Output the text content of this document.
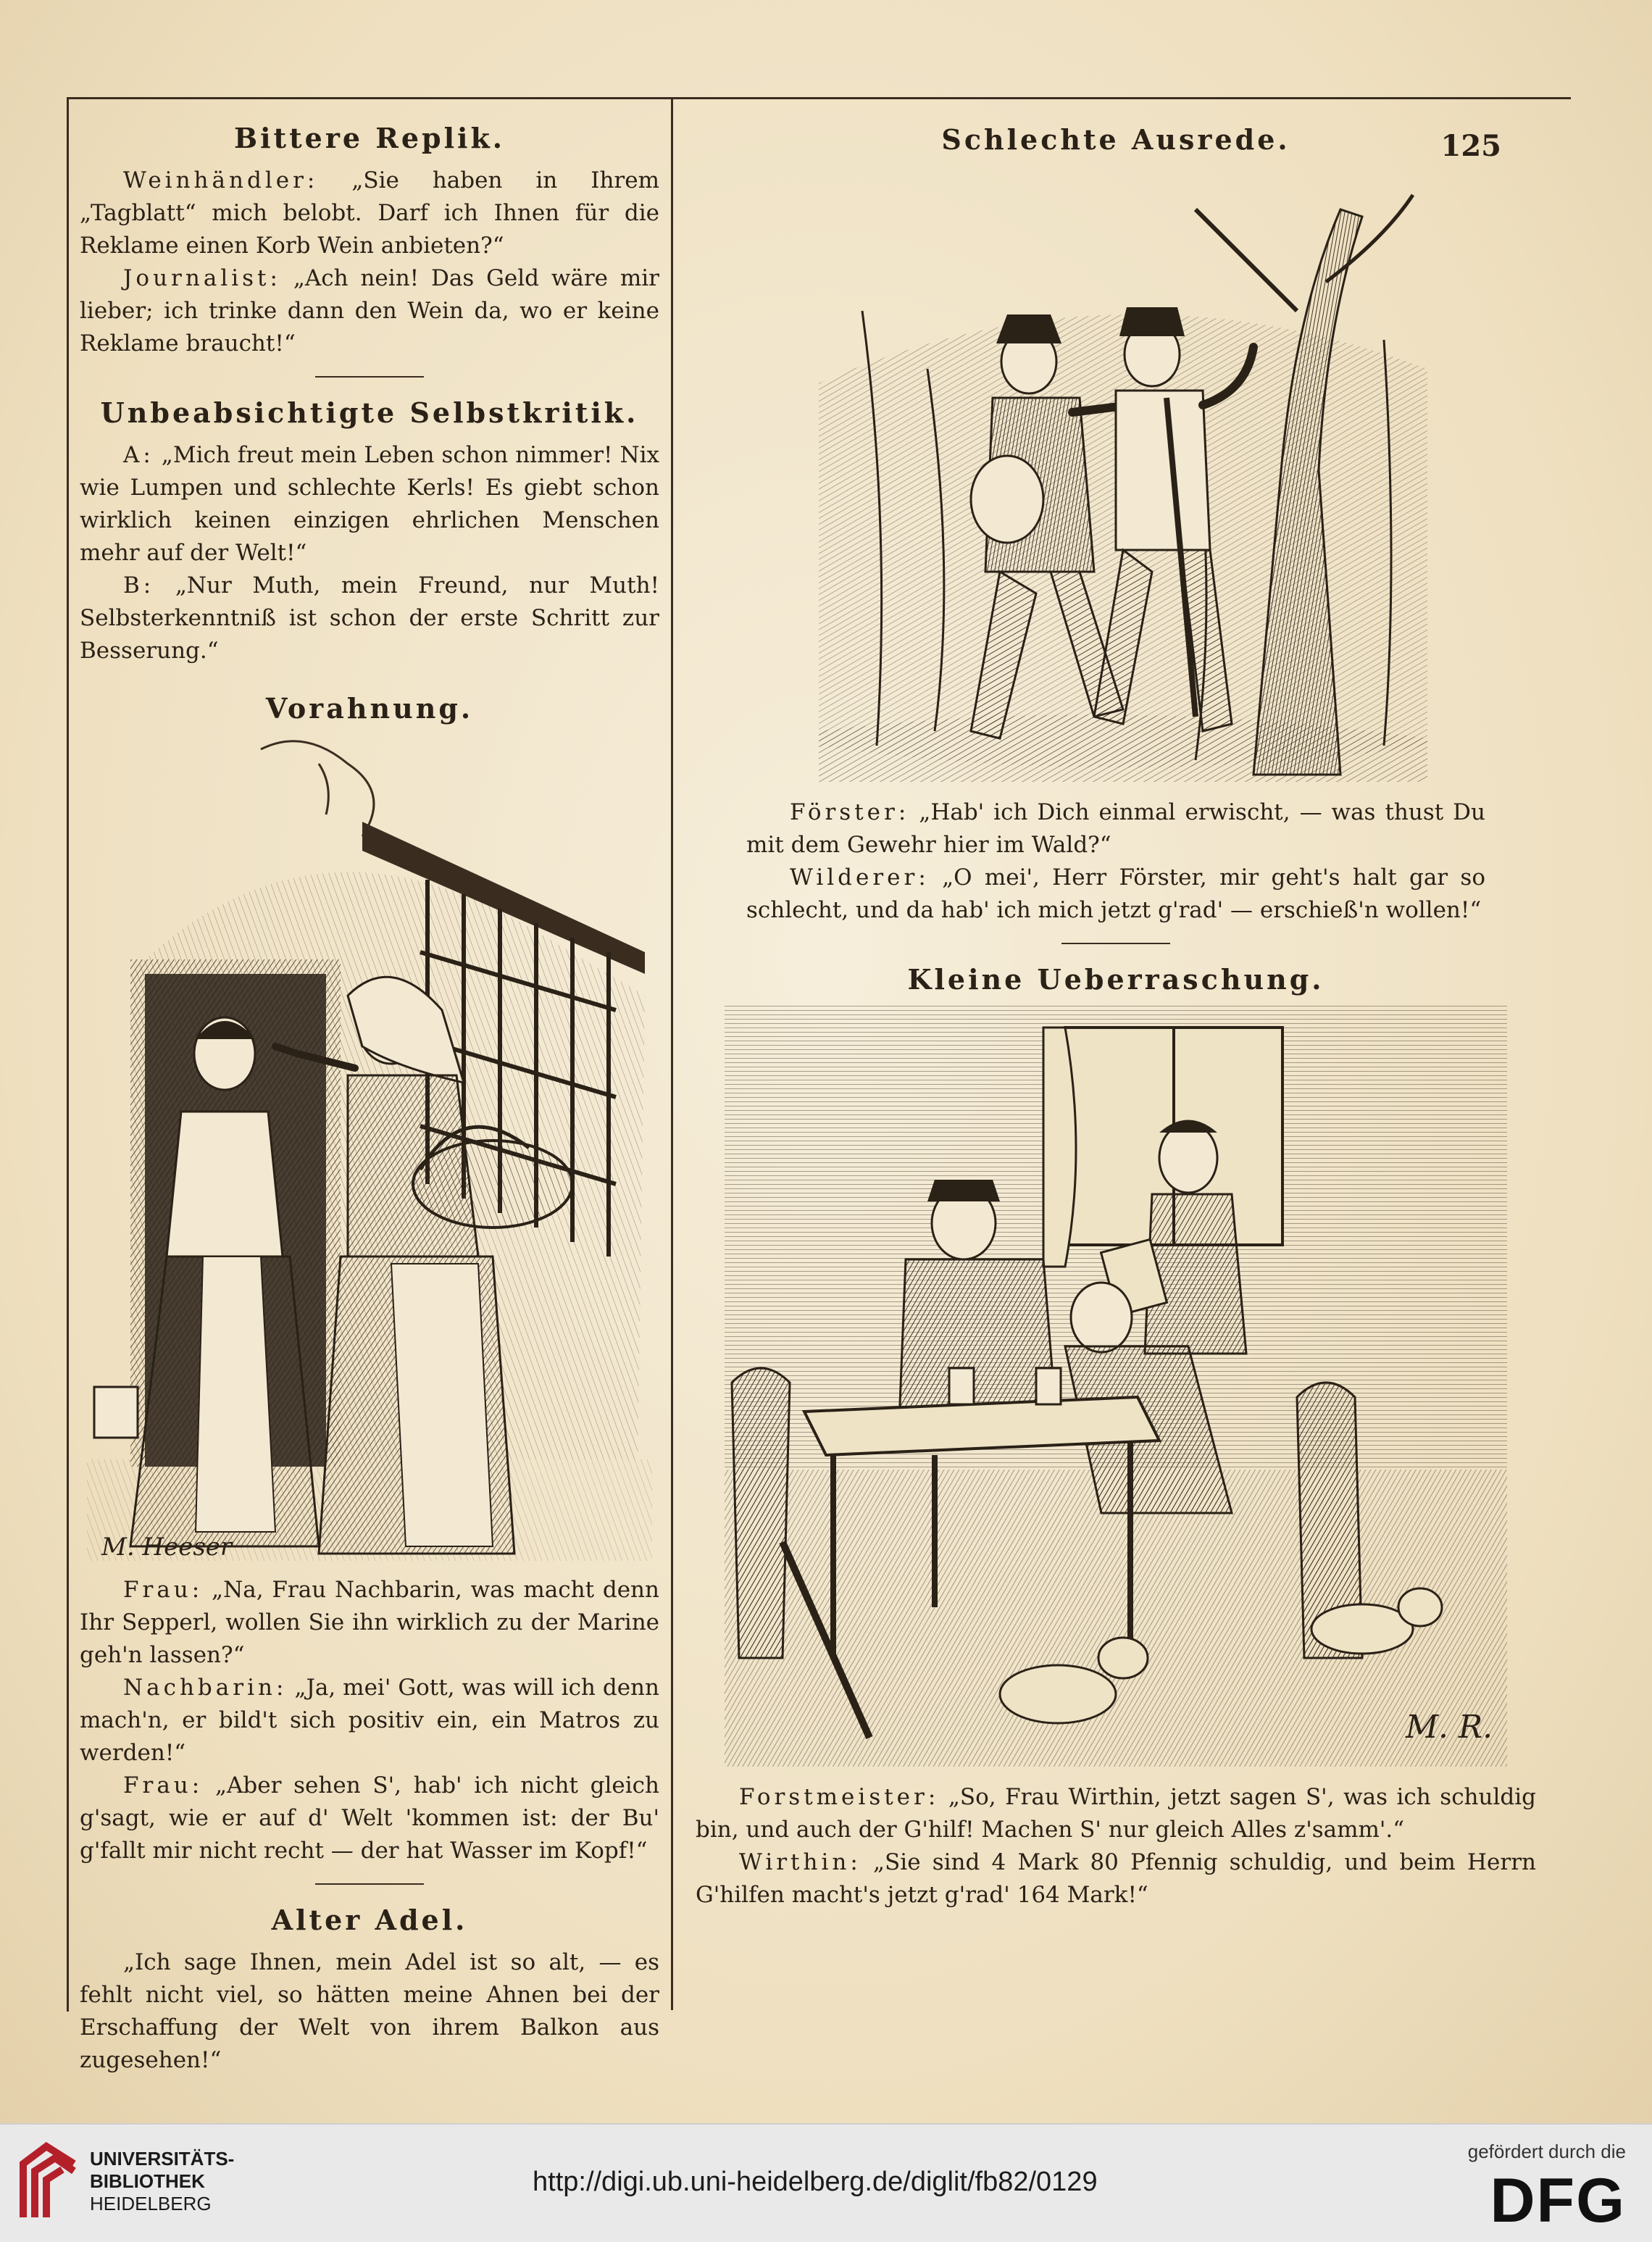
Bittere Replik.

Weinhändler: „Sie haben in Ihrem „Tagblatt“ mich belobt. Darf ich Ihnen für die Reklame einen Korb Wein anbieten?“

Journalist: „Ach nein! Das Geld wäre mir lieber; ich trinke dann den Wein da, wo er keine Reklame braucht!“

Unbeabsichtigte Selbstkritik.

A: „Mich freut mein Leben schon nimmer! Nix wie Lumpen und schlechte Kerls! Es giebt schon wirklich keinen einzigen ehrlichen Menschen mehr auf der Welt!“

B: „Nur Muth, mein Freund, nur Muth! Selbsterkenntniß ist schon der erste Schritt zur Besserung.“

Vorahnung.
M. Heeser

Frau: „Na, Frau Nachbarin, was macht denn Ihr Sepperl, wollen Sie ihn wirklich zu der Marine geh'n lassen?“

Nachbarin: „Ja, mei' Gott, was will ich denn mach'n, er bild't sich positiv ein, ein Matros zu werden!“

Frau: „Aber sehen S', hab' ich nicht gleich g'sagt, wie er auf d' Welt 'kommen ist: der Bu' g'fallt mir nicht recht — der hat Wasser im Kopf!“

Alter Adel.

„Ich sage Ihnen, mein Adel ist so alt, — es fehlt nicht viel, so hätten meine Ahnen bei der Erschaffung der Welt von ihrem Balkon aus zugesehen!“

125
Schlechte Ausrede.

Förster: „Hab' ich Dich einmal erwischt, — was thust Du mit dem Gewehr hier im Wald?“

Wilderer: „O mei', Herr Förster, mir geht's halt gar so schlecht, und da hab' ich mich jetzt g'rad' — erschieß'n wollen!“

Kleine Ueberraschung.
M. R.

Forstmeister: „So, Frau Wirthin, jetzt sagen S', was ich schuldig bin, und auch der G'hilf! Machen S' nur gleich Alles z'samm'.“

Wirthin: „Sie sind 4 Mark 80 Pfennig schuldig, und beim Herrn G'hilfen macht's jetzt g'rad' 164 Mark!“

UNIVERSITÄTS-
BIBLIOTHEK
HEIDELBERG
http://digi.ub.uni-heidelberg.de/diglit/fb82/0129
gefördert durch die
DFG
